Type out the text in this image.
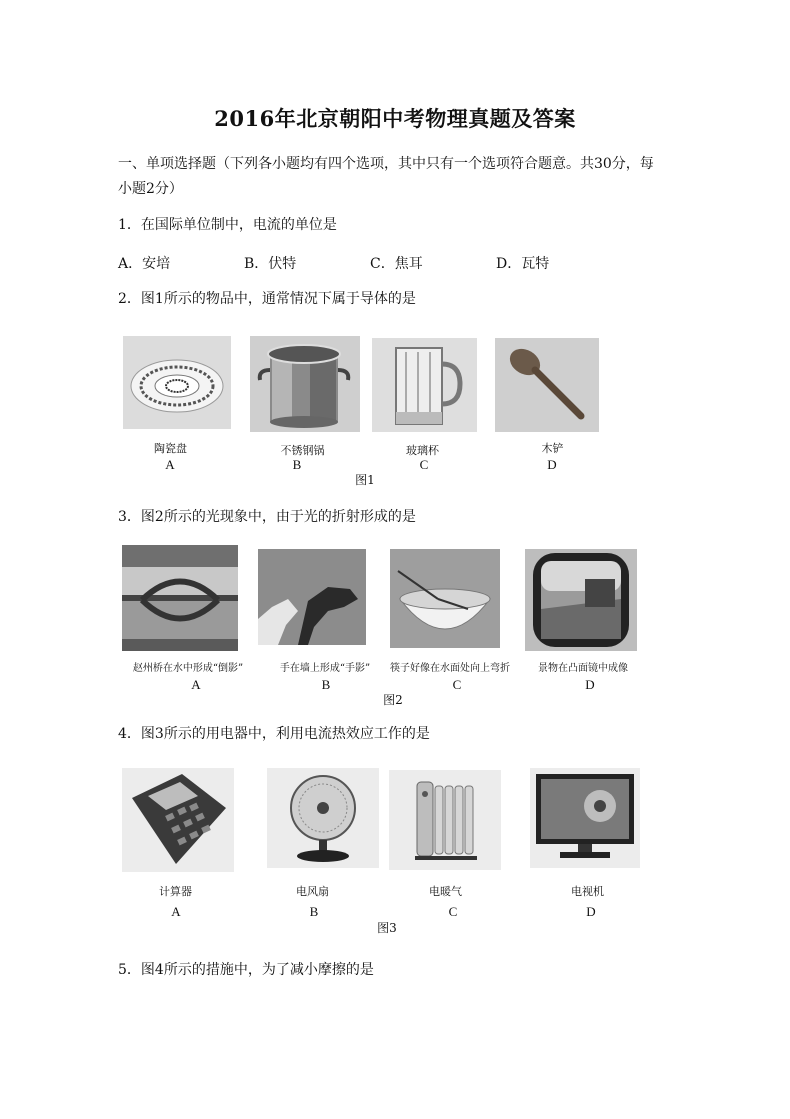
2016年北京朝阳中考物理真题及答案
一、单项选择题（下列各小题均有四个选项，其中只有一个选项符合题意。共30分，每
小题2分）
1．在国际单位制中，电流的单位是
A．安培	B．伏特	C．焦耳	D．瓦特
2．图1所示的物品中，通常情况下属于导体的是
陶瓷盘
A
不锈钢锅
B
玻璃杯
C
木铲
D
图1
3．图2所示的光现象中，由于光的折射形成的是
赵州桥在水中形成“倒影”
A
手在墙上形成“手影”
B
筷子好像在水面处向上弯折
C
景物在凸面镜中成像
D
图2
4．图3所示的用电器中，利用电流热效应工作的是
计算器
A
电风扇
B
电暖气
C
电视机
D
图3
5．图4所示的措施中，为了减小摩擦的是
